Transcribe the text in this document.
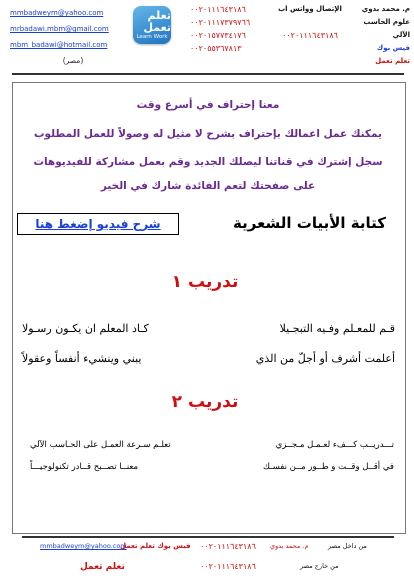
mmbadweym@yahoo.com
mrbadawi.mbm@gmail.com
mbm_badawi@hotmail.com
(مصر)
تعلم تعمل
Learn Work
٠٠٢٠١١١٦٤٣١٨٦
٠٠٢٠١١١٧٣٧٩٧٦٦
٠٠٢٠١٥٧٧٣٤١٧٦
٠٠٢٠٥٥٣٦٧٨١٣
الإتصال وواتس اب
٠٠٢٠١١١٦٤٣١٨٦
م. محمد بدوي
علوم الحاسب الآلي
فيس بوك
تعلم تعمل
معنا إحتراف في أسرع وقت
يمكنك عمل اعمالك بإحتراف بشرح لا مثيل له وصولاً للعمل المطلوب
سجل إشترك في قناتنا ليصلك الجديد وقم بعمل مشاركة للفيديوهات
على صفحتك لتعم الفائدة شارك في الخير
كتابة الأبيات الشعرية
شرح فيديو إضغط هنا
تدريب ١
قـم للمعـلم وفـيه التبجـيلا
كـاد المعلم ان يكـون رسـولا
أعلمت أشرف أو أجلّ من الذي
يبني وينشيء أنفساً وعقولاً
تدريب ٢
تـــدريــب كـــفء لعـمـل مـجــزي
تعلـم سـرعة العمـل على الحـاسب الآلي
في أقــل وقــت و طــور مــن نفسـك
معنــا تصــبح قــادر تكنولوجيـــاً
mmbadweym@yahoo.com
فيس بوك تعلم تعمل ٠٠٢٠١١١٦٤٣١٨٦ م. محمد بدوي	من داخل مصر
تعلم تعمل	٠٠٢٠١١١٦٤٣١٨٦	من خارج مصر
